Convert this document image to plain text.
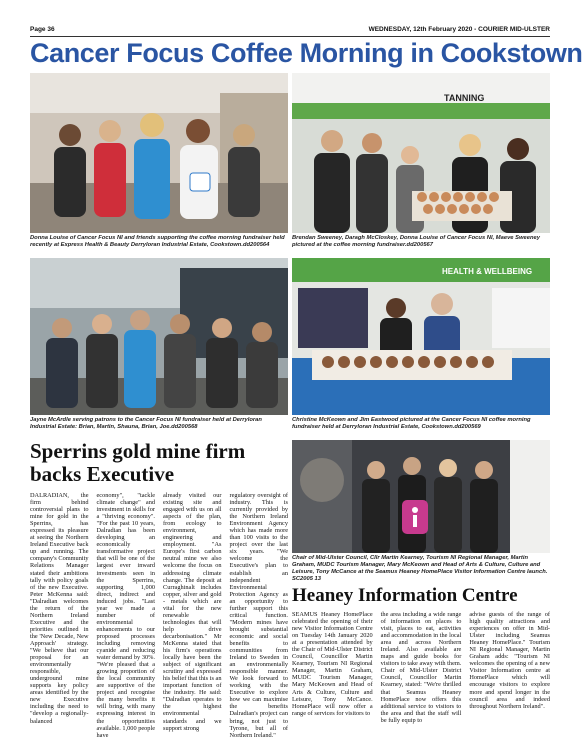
Page 36	WEDNESDAY, 12th February 2020 - COURIER MID-ULSTER
Cancer Focus Coffee Morning in Cookstown
Donna Louise of Cancer Focus NI and friends supporting the coffee morning fundraiser held recently at Express Health & Beauty Derryloran Industrial Estate, Cookstown.dd200564
TANNING
Brendan Sweeney, Daragh McCloskey, Donna Louise of Cancer Focus NI, Maeve Sweeney pictured at the coffee morning fundraiser.dd200567
Jayne McArdle serving patrons to the Cancer Focus NI fundraiser held at Derryloran Industrial Estate: Brian, Martin, Shauna, Brian, Joe.dd200568
HEALTH & WELLBEING
Christine McKeown and Jim Eastwood pictured at the Cancer Focus NI coffee morning fundraiser held at Derryloran Industrial Estate, Cookstown.dd200569
Sperrins gold mine firm backs Executive

DALRADIAN, the firm behind controversial plans to mine for gold in the Sperrins, has expressed its pleasure at seeing the Northern Ireland Executive back up and running. The company's Community Relations Manager stated their ambitions tally with policy goals of the new Executive. Peter McKenna said: "Dalradian welcomes the return of the Northern Ireland Executive and the priorities outlined in the 'New Decade, New Approach' strategy. "We believe that our proposal for an environmentally responsible, underground mine supports key policy areas identified by the new Executive including the need to "develop a regionally-balanced

economy", "tackle climate change" and investment in skills for a "thriving economy". "For the past 10 years, Dalradian has been developing an economically transformative project that will be one of the largest ever inward investments seen in the Sperrins, supporting 1,000 direct, indirect and induced jobs. "Last year we made a number of environmental enhancements to our proposed processes including removing cyanide and reducing water demand by 30%. "We're pleased that a growing proportion of the local community are supportive of the project and recognise the many benefits it will bring, with many expressing interest in the opportunities available. 1,000 people have

already visited our existing site and engaged with us on all aspects of the plan, from ecology to environment, engineering and employment. "As Europe's first carbon neutral mine we also welcome the focus on addressing climate change. The deposit at Curraghinalt includes copper, silver and gold - metals which are vital for the new renewable technologies that will help drive decarbonisation." Mr McKenna stated that his firm's operations locally have been the subject of significant scrutiny and expressed his belief that this is an important function of the industry. He said: "Dalradian operates to the highest environmental standards and we support strong

regulatory oversight of industry. This is currently provided by the Northern Ireland Environment Agency which has made more than 100 visits to the project over the last six years. "We welcome the Executive's plan to establish an independent Environmental Protection Agency as an opportunity to further support this critical function. "Modern mines have brought substantial economic and social benefits to communities from Ireland to Sweden in an environmentally responsible manner. We look forward to working with the Executive to explore how we can maximise the benefits Dalradian's project can bring, not just to Tyrone, but all of Northern Ireland."

Chair of Mid-Ulster Council, Cllr Martin Kearney, Tourism NI Regional Manager, Martin Graham, MUDC Tourism Manager, Mary McKeown and Head of Arts & Culture, Culture and Leisure, Tony McCance at the Seamus Heaney HomePlace Visitor Information Centre launch. SC2005 13
Heaney Information Centre

SEAMUS Heaney HomePlace celebrated the opening of their new Visitor Information Centre on Tuesday 14th January 2020 at a presentation attended by the Chair of Mid-Ulster District Council, Councillor Martin Kearney, Tourism NI Regional Manager, Martin Graham, MUDC Tourism Manager, Mary McKeown and Head of Arts & Culture, Culture and Leisure, Tony McCance. HomePlace will now offer a range of services for visitors to

the area including a wide range of information on places to visit, places to eat, activities and accommodation in the local area and across Northern Ireland. Also available are maps and guide books for visitors to take away with them. Chair of Mid-Ulster District Council, Councillor Martin Kearney, stated: "We're thrilled that Seamus Heaney HomePlace now offers this additional service to visitors to the area and that the staff will be fully equip to

advise guests of the range of high quality attractions and experiences on offer in Mid-Ulster including Seamus Heaney HomePlace." Tourism NI Regional Manager, Martin Graham adds: "Tourism NI welcomes the opening of a new Visitor Information centre at HomePlace which will encourage visitors to explore more and spend longer in the council area and indeed throughout Northern Ireland".
